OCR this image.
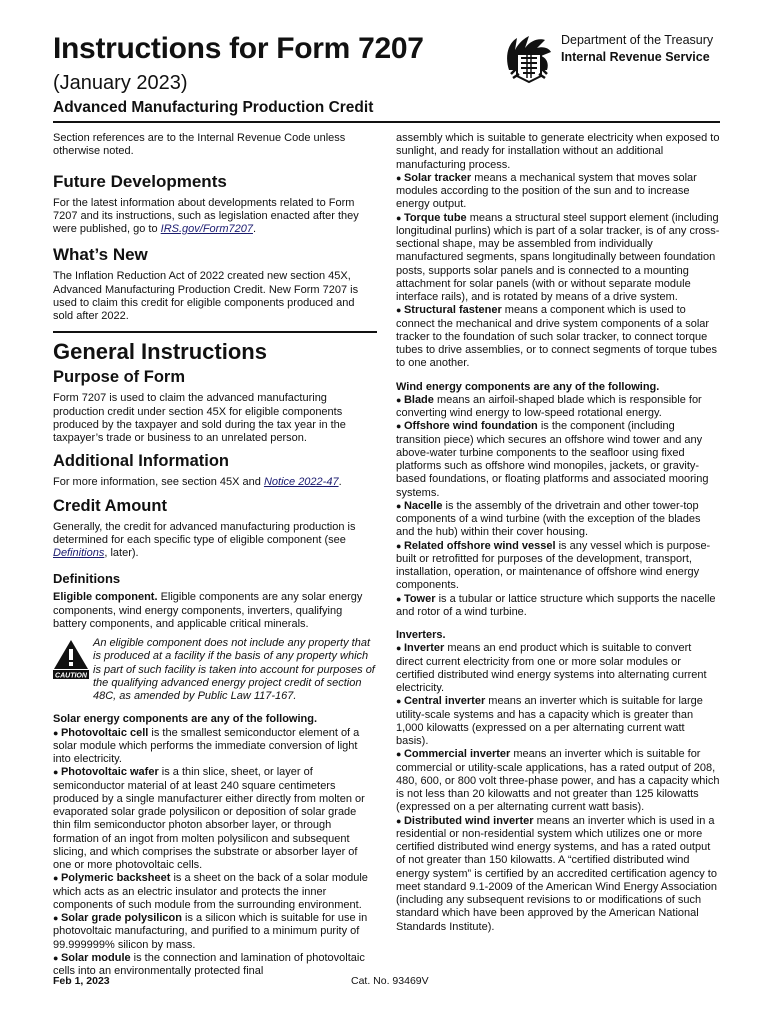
Instructions for Form 7207
(January 2023)
Advanced Manufacturing Production Credit
Department of the Treasury
Internal Revenue Service

Section references are to the Internal Revenue Code unless otherwise noted.

Future Developments

For the latest information about developments related to Form 7207 and its instructions, such as legislation enacted after they were published, go to IRS.gov/Form7207.

What’s New

The Inflation Reduction Act of 2022 created new section 45X, Advanced Manufacturing Production Credit. New Form 7207 is used to claim this credit for eligible components produced and sold after 2022.

General Instructions
Purpose of Form

Form 7207 is used to claim the advanced manufacturing production credit under section 45X for eligible components produced by the taxpayer and sold during the tax year in the taxpayer’s trade or business to an unrelated person.

Additional Information

For more information, see section 45X and Notice 2022-47.

Credit Amount

Generally, the credit for advanced manufacturing production is determined for each specific type of eligible component (see Definitions, later).

Definitions

Eligible component. Eligible components are any solar energy components, wind energy components, inverters, qualifying battery components, and applicable critical minerals.

CAUTION
An eligible component does not include any property that is produced at a facility if the basis of any property which is part of such facility is taken into account for purposes of the qualifying advanced energy project credit of section 48C, as amended by Public Law 117-167.

Solar energy components are any of the following.

● Photovoltaic cell is the smallest semiconductor element of a solar module which performs the immediate conversion of light into electricity.

● Photovoltaic wafer is a thin slice, sheet, or layer of semiconductor material of at least 240 square centimeters produced by a single manufacturer either directly from molten or evaporated solar grade polysilicon or deposition of solar grade thin film semiconductor photon absorber layer, or through formation of an ingot from molten polysilicon and subsequent slicing, and which comprises the substrate or absorber layer of one or more photovoltaic cells.

● Polymeric backsheet is a sheet on the back of a solar module which acts as an electric insulator and protects the inner components of such module from the surrounding environment.

● Solar grade polysilicon is a silicon which is suitable for use in photovoltaic manufacturing, and purified to a minimum purity of 99.999999% silicon by mass.

● Solar module is the connection and lamination of photovoltaic cells into an environmentally protected final

assembly which is suitable to generate electricity when exposed to sunlight, and ready for installation without an additional manufacturing process.

● Solar tracker means a mechanical system that moves solar modules according to the position of the sun and to increase energy output.

● Torque tube means a structural steel support element (including longitudinal purlins) which is part of a solar tracker, is of any cross-sectional shape, may be assembled from individually manufactured segments, spans longitudinally between foundation posts, supports solar panels and is connected to a mounting attachment for solar panels (with or without separate module interface rails), and is rotated by means of a drive system.

● Structural fastener means a component which is used to connect the mechanical and drive system components of a solar tracker to the foundation of such solar tracker, to connect torque tubes to drive assemblies, or to connect segments of torque tubes to one another.

Wind energy components are any of the following.

● Blade means an airfoil-shaped blade which is responsible for converting wind energy to low-speed rotational energy.

● Offshore wind foundation is the component (including transition piece) which secures an offshore wind tower and any above-water turbine components to the seafloor using fixed platforms such as offshore wind monopiles, jackets, or gravity-based foundations, or floating platforms and associated mooring systems.

● Nacelle is the assembly of the drivetrain and other tower-top components of a wind turbine (with the exception of the blades and the hub) within their cover housing.

● Related offshore wind vessel is any vessel which is purpose-built or retrofitted for purposes of the development, transport, installation, operation, or maintenance of offshore wind energy components.

● Tower is a tubular or lattice structure which supports the nacelle and rotor of a wind turbine.

Inverters.

● Inverter means an end product which is suitable to convert direct current electricity from one or more solar modules or certified distributed wind energy systems into alternating current electricity.

● Central inverter means an inverter which is suitable for large utility-scale systems and has a capacity which is greater than 1,000 kilowatts (expressed on a per alternating current watt basis).

● Commercial inverter means an inverter which is suitable for commercial or utility-scale applications, has a rated output of 208, 480, 600, or 800 volt three-phase power, and has a capacity which is not less than 20 kilowatts and not greater than 125 kilowatts (expressed on a per alternating current watt basis).

● Distributed wind inverter means an inverter which is used in a residential or non-residential system which utilizes one or more certified distributed wind energy systems, and has a rated output of not greater than 150 kilowatts. A “certified distributed wind energy system” is certified by an accredited certification agency to meet standard 9.1-2009 of the American Wind Energy Association (including any subsequent revisions to or modifications of such standard which have been approved by the American National Standards Institute).

Feb 1, 2023	Cat. No. 93469V
